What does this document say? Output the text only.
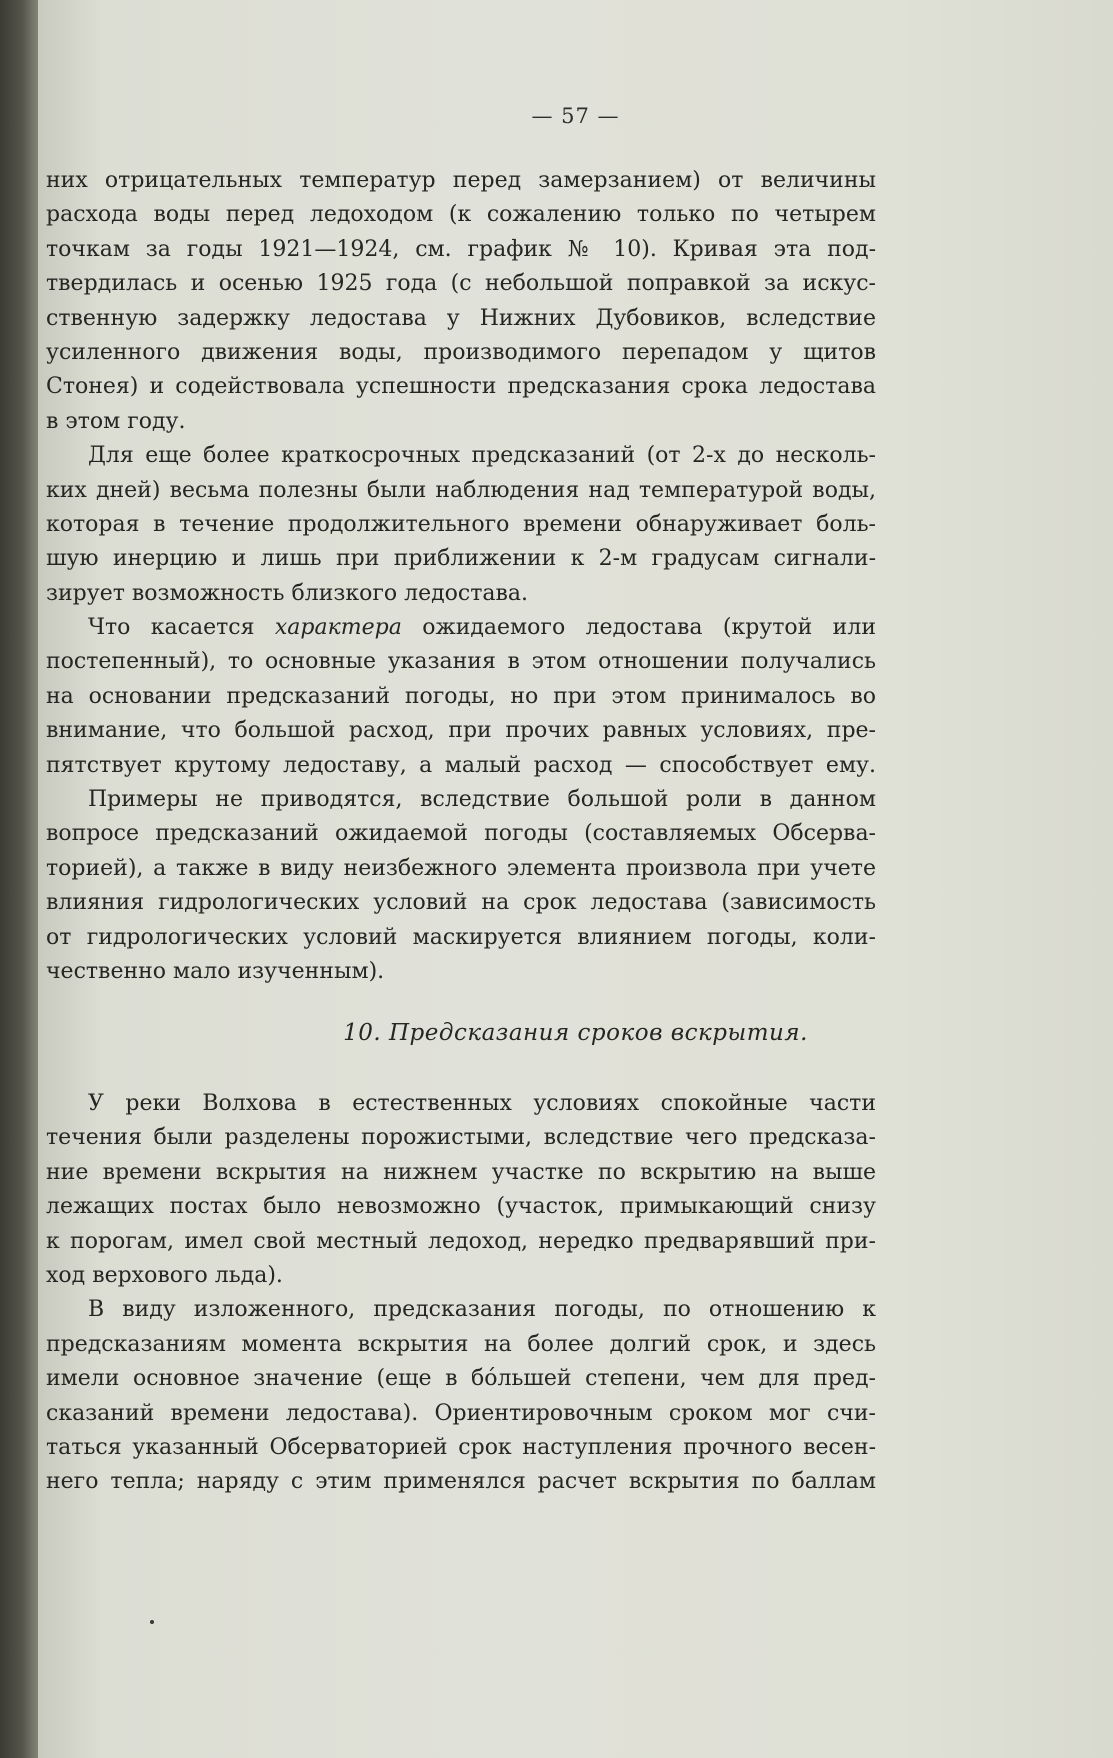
— 57 —
них отрицательных температур перед замерзанием) от величины
расхода воды перед ледоходом (к сожалению только по четырем
точкам за годы 1921—1924, см. график № 10). Кривая эта под-
твердилась и осенью 1925 года (с небольшой поправкой за искус-
ственную задержку ледостава у Нижних Дубовиков, вследствие
усиленного движения воды, производимого перепадом у щитов
Стонея) и содействовала успешности предсказания срока ледостава
в этом году.
Для еще более краткосрочных предсказаний (от 2-х до несколь-
ких дней) весьма полезны были наблюдения над температурой воды,
которая в течение продолжительного времени обнаруживает боль-
шую инерцию и лишь при приближении к 2-м градусам сигнали-
зирует возможность близкого ледостава.
Что касается характера ожидаемого ледостава (крутой или
постепенный), то основные указания в этом отношении получались
на основании предсказаний погоды, но при этом принималось во
внимание, что большой расход, при прочих равных условиях, пре-
пятствует крутому ледоставу, а малый расход — способствует ему.
Примеры не приводятся, вследствие большой роли в данном
вопросе предсказаний ожидаемой погоды (составляемых Обсерва-
торией), а также в виду неизбежного элемента произвола при учете
влияния гидрологических условий на срок ледостава (зависимость
от гидрологических условий маскируется влиянием погоды, коли-
чественно мало изученным).
10. Предсказания сроков вскрытия.
У реки Волхова в естественных условиях спокойные части
течения были разделены порожистыми, вследствие чего предсказа-
ние времени вскрытия на нижнем участке по вскрытию на выше
лежащих постах было невозможно (участок, примыкающий снизу
к порогам, имел свой местный ледоход, нередко предварявший при-
ход верхового льда).
В виду изложенного, предсказания погоды, по отношению к
предсказаниям момента вскрытия на более долгий срок, и здесь
имели основное значение (еще в бóльшей степени, чем для пред-
сказаний времени ледостава). Ориентировочным сроком мог счи-
таться указанный Обсерваторией срок наступления прочного весен-
него тепла; наряду с этим применялся расчет вскрытия по баллам
